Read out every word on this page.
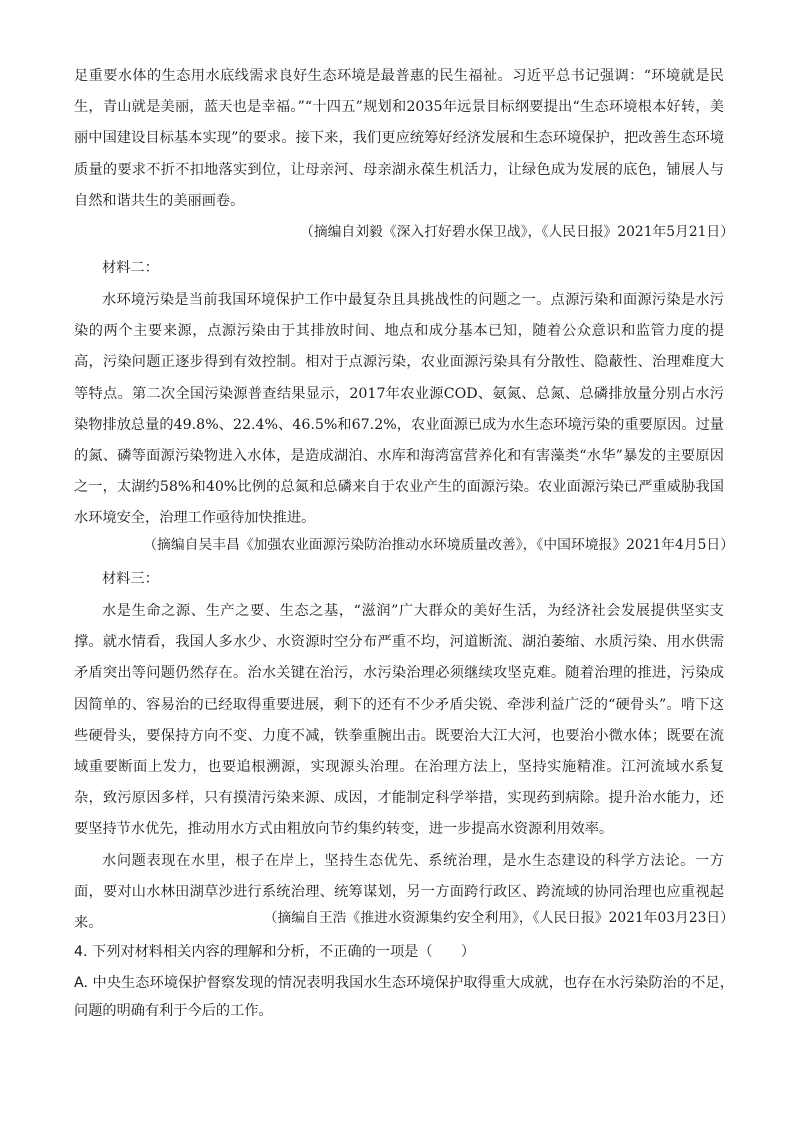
足重要水体的生态用水底线需求良好生态环境是最普惠的民生福祉。习近平总书记强调：“环境就是民生，青山就是美丽，蓝天也是幸福。”“十四五”规划和2035年远景目标纲要提出“生态环境根本好转，美丽中国建设目标基本实现”的要求。接下来，我们更应统筹好经济发展和生态环境保护，把改善生态环境质量的要求不折不扣地落实到位，让母亲河、母亲湖永葆生机活力，让绿色成为发展的底色，铺展人与自然和谐共生的美丽画卷。

（摘编自刘毅《深入打好碧水保卫战》，《人民日报》2021年5月21日）
材料二：

水环境污染是当前我国环境保护工作中最复杂且具挑战性的问题之一。点源污染和面源污染是水污染的两个主要来源，点源污染由于其排放时间、地点和成分基本已知，随着公众意识和监管力度的提高，污染问题正逐步得到有效控制。相对于点源污染，农业面源污染具有分散性、隐蔽性、治理难度大等特点。第二次全国污染源普查结果显示，2017年农业源COD、氨氮、总氮、总磷排放量分别占水污染物排放总量的49.8%、22.4%、46.5%和67.2%，农业面源已成为水生态环境污染的重要原因。过量的氮、磷等面源污染物进入水体，是造成湖泊、水库和海湾富营养化和有害藻类“水华”暴发的主要原因之一，太湖约58%和40%比例的总氮和总磷来自于农业产生的面源污染。农业面源污染已严重威胁我国水环境安全，治理工作亟待加快推进。

（摘编自吴丰昌《加强农业面源污染防治推动水环境质量改善》，《中国环境报》2021年4月5日）
材料三：

水是生命之源、生产之要、生态之基，“滋润”广大群众的美好生活，为经济社会发展提供坚实支撑。就水情看，我国人多水少、水资源时空分布严重不均，河道断流、湖泊萎缩、水质污染、用水供需矛盾突出等问题仍然存在。治水关键在治污，水污染治理必须继续攻坚克难。随着治理的推进，污染成因简单的、容易治的已经取得重要进展，剩下的还有不少矛盾尖锐、牵涉利益广泛的“硬骨头”。啃下这些硬骨头，要保持方向不变、力度不减，铁拳重腕出击。既要治大江大河，也要治小微水体；既要在流域重要断面上发力，也要追根溯源，实现源头治理。在治理方法上，坚持实施精准。江河流域水系复杂，致污原因多样，只有摸清污染来源、成因，才能制定科学举措，实现药到病除。提升治水能力，还要坚持节水优先，推动用水方式由粗放向节约集约转变，进一步提高水资源利用效率。

水问题表现在水里，根子在岸上，坚持生态优先、系统治理，是水生态建设的科学方法论。一方面，要对山水林田湖草沙进行系统治理、统筹谋划，另一方面跨行政区、跨流域的协同治理也应重视起来。	（摘编自王浩《推进水资源集约安全利用》，《人民日报》2021年03月23日）

4. 下列对材料相关内容的理解和分析，不正确的一项是（　　）

A. 中央生态环境保护督察发现的情况表明我国水生态环境保护取得重大成就，也存在水污染防治的不足，问题的明确有利于今后的工作。
